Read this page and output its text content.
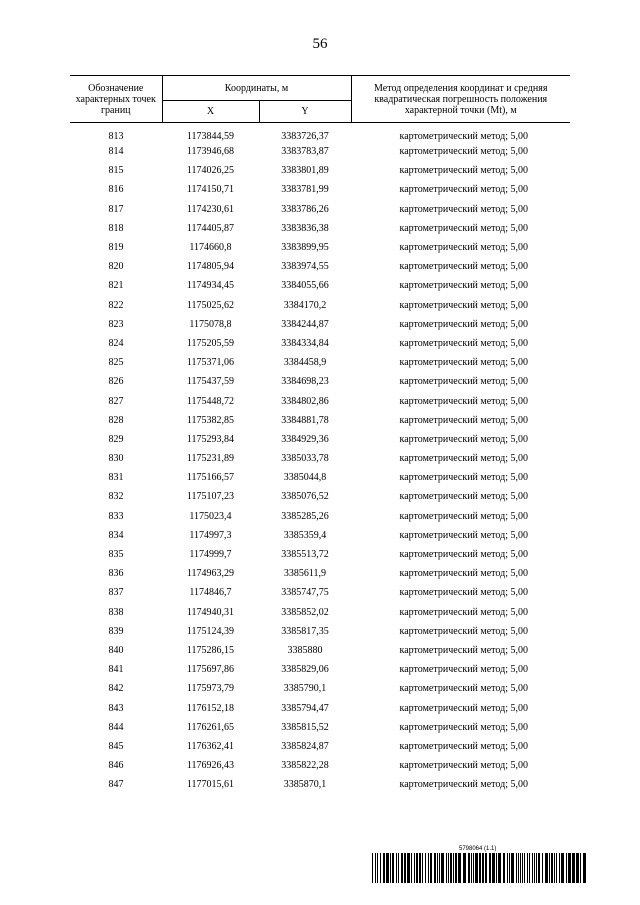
56
Обозначение характерных точек границ	Координаты, м		Метод определения координат и средняя квадратическая погрешность положения характерной точки (Mt), м
	X	Y	
813	1173844,59	3383726,37	картометрический метод; 5,00
814	1173946,68	3383783,87	картометрический метод; 5,00
815	1174026,25	3383801,89	картометрический метод; 5,00
816	1174150,71	3383781,99	картометрический метод; 5,00
817	1174230,61	3383786,26	картометрический метод; 5,00
818	1174405,87	3383836,38	картометрический метод; 5,00
819	1174660,8	3383899,95	картометрический метод; 5,00
820	1174805,94	3383974,55	картометрический метод; 5,00
821	1174934,45	3384055,66	картометрический метод; 5,00
822	1175025,62	3384170,2	картометрический метод; 5,00
823	1175078,8	3384244,87	картометрический метод; 5,00
824	1175205,59	3384334,84	картометрический метод; 5,00
825	1175371,06	3384458,9	картометрический метод; 5,00
826	1175437,59	3384698,23	картометрический метод; 5,00
827	1175448,72	3384802,86	картометрический метод; 5,00
828	1175382,85	3384881,78	картометрический метод; 5,00
829	1175293,84	3384929,36	картометрический метод; 5,00
830	1175231,89	3385033,78	картометрический метод; 5,00
831	1175166,57	3385044,8	картометрический метод; 5,00
832	1175107,23	3385076,52	картометрический метод; 5,00
833	1175023,4	3385285,26	картометрический метод; 5,00
834	1174997,3	3385359,4	картометрический метод; 5,00
835	1174999,7	3385513,72	картометрический метод; 5,00
836	1174963,29	3385611,9	картометрический метод; 5,00
837	1174846,7	3385747,75	картометрический метод; 5,00
838	1174940,31	3385852,02	картометрический метод; 5,00
839	1175124,39	3385817,35	картометрический метод; 5,00
840	1175286,15	3385880	картометрический метод; 5,00
841	1175697,86	3385829,06	картометрический метод; 5,00
842	1175973,79	3385790,1	картометрический метод; 5,00
843	1176152,18	3385794,47	картометрический метод; 5,00
844	1176261,65	3385815,52	картометрический метод; 5,00
845	1176362,41	3385824,87	картометрический метод; 5,00
846	1176926,43	3385822,28	картометрический метод; 5,00
847	1177015,61	3385870,1	картометрический метод; 5,00
5798064 (1.1)
